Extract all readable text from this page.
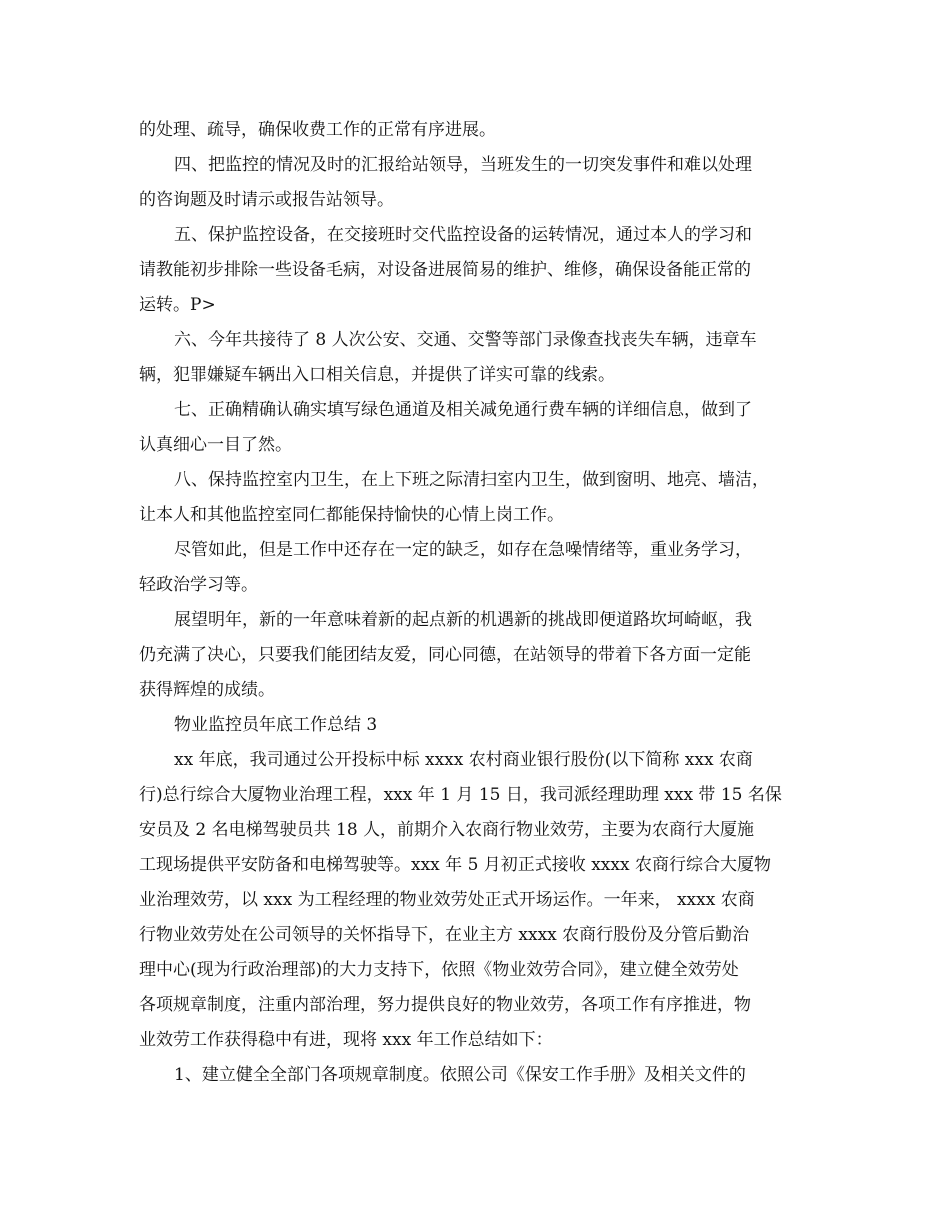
的处理、疏导，确保收费工作的正常有序进展。
四、把监控的情况及时的汇报给站领导，当班发生的一切突发事件和难以处理
的咨询题及时请示或报告站领导。
五、保护监控设备，在交接班时交代监控设备的运转情况，通过本人的学习和
请教能初步排除一些设备毛病，对设备进展简易的维护、维修，确保设备能正常的
运转。P>
六、今年共接待了 8 人次公安、交通、交警等部门录像查找丧失车辆，违章车
辆，犯罪嫌疑车辆出入口相关信息，并提供了详实可靠的线索。
七、正确精确认确实填写绿色通道及相关减免通行费车辆的详细信息，做到了
认真细心一目了然。
八、保持监控室内卫生，在上下班之际清扫室内卫生，做到窗明、地亮、墙洁，
让本人和其他监控室同仁都能保持愉快的心情上岗工作。
尽管如此，但是工作中还存在一定的缺乏，如存在急噪情绪等，重业务学习，
轻政治学习等。
展望明年，新的一年意味着新的起点新的机遇新的挑战即便道路坎坷崎岖，我
仍充满了决心，只要我们能团结友爱，同心同德，在站领导的带着下各方面一定能
获得辉煌的成绩。
物业监控员年底工作总结 3
xx 年底，我司通过公开投标中标 xxxx 农村商业银行股份(以下简称 xxx 农商
行)总行综合大厦物业治理工程，xxx 年 1 月 15 日，我司派经理助理 xxx 带 15 名保
安员及 2 名电梯驾驶员共 18 人，前期介入农商行物业效劳，主要为农商行大厦施
工现场提供平安防备和电梯驾驶等。xxx 年 5 月初正式接收 xxxx 农商行综合大厦物
业治理效劳，以 xxx 为工程经理的物业效劳处正式开场运作。一年来， xxxx 农商
行物业效劳处在公司领导的关怀指导下，在业主方 xxxx 农商行股份及分管后勤治
理中心(现为行政治理部)的大力支持下，依照《物业效劳合同》，建立健全效劳处
各项规章制度，注重内部治理，努力提供良好的物业效劳，各项工作有序推进，物
业效劳工作获得稳中有进，现将 xxx 年工作总结如下：
1、建立健全全部门各项规章制度。依照公司《保安工作手册》及相关文件的
